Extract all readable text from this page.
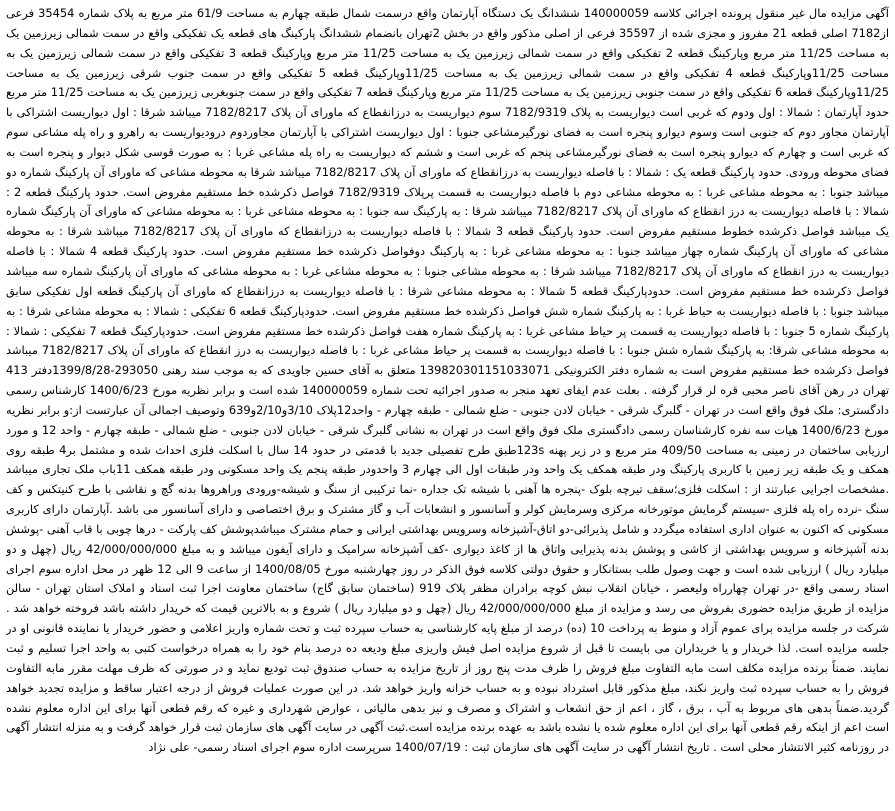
آگهی مزایده مال غیر منقول پرونده اجرائی کلاسه 140000059 ششدانگ یک دستگاه آپارتمان واقع درسمت شمال طبقه چهارم به مساحت 61/9 متر مربع به پلاک شماره 35454 فرعی از7182 اصلی قطعه 21 مفروز و مجزی شده از 35597 فرعی از اصلی مذکور واقع در بخش 2تهران بانضمام ششدانگ پارکینگ های قطعه یک تفکیکی واقع در سمت شمالی زیرزمین یک به مساحت 11/25 متر مربع وپارکینگ قطعه 2 تفکیکی واقع در سمت شمالی زیرزمین یک به مساحت 11/25 متر مربع وپارکینگ قطعه 3 تفکیکی واقع در سمت شمالی زیرزمین یک به مساحت 11/25وپارکینگ قطعه 4 تفکیکی واقع در سمت شمالی زیرزمین یک به مساحت 11/25وپارکینگ قطعه 5 تفکیکی واقع در سمت جنوب شرقی زیرزمین یک به مساحت 11/25وپارکینگ قطعه 6 تفکیکی واقع در سمت جنوبی زیرزمین یک به مساحت 11/25 متر مربع وپارکینگ قطعه 7 تفکیکی واقع در سمت جنوبغربی زیرزمین یک به مساحت 11/25 متر مربع حدود آپارتمان : شمالا : اول ودوم که غربی است دیواریست به پلاک 7182/9319 سوم دیواریست به درزانقطاع که ماورای آن پلاک 7182/8217 میباشد شرقا : اول دیواریست اشتراکی با آپارتمان مجاور دوم که جنوبی است وسوم دیوارو پنجره است به فضای نورگیرمشاعی جنوبا : اول دیواریست اشتراکی با آپارتمان مجاوردوم درودیواریست به راهرو و راه پله مشاعی سوم که غربی است و چهارم که دیوارو پنجره است به فضای نورگیرمشاعی پنجم که غربی است و ششم که دیواریست به راه پله مشاعی غربا : به صورت قوسی شکل دیوار و پنجره است به فضای محوطه ورودی. حدود پارکینگ قطعه یک : شمالا : با فاصله دیواریست به درزانقطاع که ماورای آن پلاک 7182/8217 میباشد شرقا به محوطه مشاعی که ماورای آن پارکینگ شماره دو میباشد جنوبا : به محوطه مشاعی غربا : به محوطه مشاعی دوم با فاصله دیواریست به قسمت پرپلاک 7182/9319 فواصل ذکرشده خط مستقیم مفروض است. حدود پارکینگ قطعه 2 : شمالا : با فاصله دیواریست به درز انقطاع که ماورای آن پلاک 7182/8217 میباشد شرقا : به پارکینگ سه جنوبا : به محوطه مشاعی غربا : به محوطه مشاعی که ماورای آن پارکینگ شماره یک میباشد فواصل ذکرشده خطوط مستقیم مفروض است. حدود پارکینگ قطعه 3 شمالا : با فاصله دیواریست به درزانقطاع که ماورای آن پلاک 7182/8217 میباشد شرقا : به محوطه مشاعی که ماورای آن پارکینگ شماره چهار میباشد جنوبا : به محوطه مشاعی غربا : به پارکینگ دوفواصل ذکرشده خط مستقیم مفروض است. حدود پارکینگ قطعه 4 شمالا : با فاصله دیواریست به درز انقطاع که ماورای آن پلاک 7182/8217 میباشد شرقا : به محوطه مشاعی جنوبا : به محوطه مشاعی غربا : به محوطه مشاعی که ماورای آن پارکینگ شماره سه میباشد فواصل ذکرشده خط مستقیم مفروض است. حدودپارکینگ قطعه 5 شمالا : به محوطه مشاعی شرقا : با فاصله دیواریست به درزانقطاع که ماورای آن پارکینگ قطعه اول تفکیکی سابق میباشد جنوبا : با فاصله دیواریست به حیاط غربا : به پارکینگ شماره شش فواصل ذکرشده خط مستقیم مفروض است. حدودپارکینگ قطعه 6 تفکیکی : شمالا : به محوطه مشاعی شرقا : به پارکینگ شماره 5 جنوبا : با فاصله دیواریست به قسمت پر حیاط مشاعی غربا : به پارکینگ شماره هفت فواصل ذکرشده خط مستقیم مفروض است. حدودپارکینگ قطعه 7 تفکیکی : شمالا : به محوطه مشاعی شرقا: به پارکینگ شماره شش جنوبا : با فاصله دیواریست به قسمت پر حیاط مشاعی غربا : با فاصله دیواریست به درز انقطاع که ماورای آن پلاک 7182/8217 میباشد فواصل ذکرشده خط مستقیم مفروض است به شماره دفتر الکترونیکی 139820301151033071 متعلق به آقای حسین جاویدی که به موجب سند رهنی 293050-1399/8/28دفتر 413 تهران در رهن آقای ناصر محبی قره لر قرار گرفته . بعلت عدم ایفای تعهد منجر به صدور اجرائیه تحت شماره 140000059 شده است و برابر نظریه مورخ 1400/6/23 کارشناس رسمی دادگستری: ملک فوق واقع است در تهران - گلبرگ شرقی - خیابان لادن جنوبی - ضلع شمالی - طبقه چهارم - واحد12پلاک 3/10و2/10و639 وتوصیف اجمالی آن عبارتست از:و برابر نظریه مورخ 1400/6/23 هیات سه نفره کارشناسان رسمی دادگستری ملک فوق واقع است در تهران به نشانی گلبرگ شرقی - خیابان لادن جنوبی - ضلع شمالی - طبقه چهارم - واحد 12 و مورد ارزیابی ساختمان در زمینی به مساحت 409/50 متر مربع و در زیر پهنه 123sطبق طرح تفصیلی جدید با قدمتی در حدود 14 سال با اسکلت فلزی احداث شده و مشتمل بر4 طبقه روی همکف و یک طبقه زیر زمین با کاربری پارکینگ ودر طبقه همکف یک واحد ودر طبقات اول الی چهارم 3 واحدودر طبقه پنجم یک واحد مسکونی ودر طبقه همکف 11باب ملک تجاری میباشد .مشخصات اجرایی عبارتند از : اسکلت فلزی؛سقف تیرچه بلوک -پنجره ها آهنی با شیشه تک جداره -نما ترکیبی از سنگ و شیشه-ورودی وراهروها بدنه گچ و نقاشی با طرح کنیتکس و کف سنگ -نرده راه پله فلزی -سیستم گرمایش موتورخانه مرکزی وسرمایش کولر و آسانسور و انشعابات آب و گاز مشترک و برق اختصاصی و دارای آسانسور می باشد .آپارتمان دارای کاربری مسکونی که اکنون به عنوان اداری استفاده میگردد و شامل پذیرائی-دو اتاق-آشپزخانه وسرویس بهداشتی ایرانی و حمام مشترک میباشدپوشش کف پارکت - درها چوبی با قاب آهنی -پوشش بدنه آشپزخانه و سرویس بهداشتی از کاشی و پوشش بدنه پذیرایی واتاق ها از کاغذ دیواری -کف آشپزخانه سرامیک و دارای آیفون میباشد و به مبلغ 42/000/000/000 ریال (چهل و دو میلیارد ریال ) ارزیابی شده است و جهت وصول طلب بستانکار و حقوق دولتی کلاسه فوق الذکر در روز چهارشنبه مورخ 1400/08/05 از ساعت 9 الی 12 ظهر در محل اداره سوم اجرای اسناد رسمی واقع -در تهران چهارراه ولیعصر ، خیابان انقلاب نبش کوچه برادران مظفر پلاک 919 (ساختمان سابق گاج) ساختمان معاونت اجرا ثبت اسناد و املاک استان تهران - سالن مزایده از طریق مزایده حضوری بفروش می رسد و مزایده از مبلغ 42/000/000/000 ریال (چهل و دو میلیارد ریال ) شروع و به بالاترین قیمت که خریدار داشته باشد فروخته خواهد شد . شرکت در جلسه مزایده برای عموم آزاد و منوط به پرداخت 10 (ده) درصد از مبلغ پایه کارشناسی به حساب سپرده ثبت و تحت شماره واریز اعلامی و حضور خریدار یا نماینده قانونی او در جلسه مزایده است. لذا خریدار و یا خریداران می بایست تا قبل از شروع مزایده اصل فیش واریزی مبلغ ودیعه ده درصد بنام خود را به همراه درخواست کتبی به واحد اجرا تسلیم و ثبت نمایند. ضمناً برنده مزایده مکلف است مابه التفاوت مبلغ فروش را ظرف مدت پنج روز از تاریخ مزایده به حساب صندوق ثبت تودیع نماید و در صورتی که ظرف مهلت مقرر مابه التفاوت فروش را به حساب سپرده ثبت واریز نکند، مبلغ مذکور قابل استرداد نبوده و به حساب خزانه واریز خواهد شد. در این صورت عملیات فروش از درجه اعتبار ساقط و مزایده تجدید خواهد گردید.ضمناً بدهی های مربوط به آب ، برق ، گاز ، اعم از حق انشعاب و اشتراک و مصرف و نیز بدهی مالیاتی ، عوارض شهرداری و غیره که رقم قطعی آنها برای این اداره معلوم نشده است اعم از اینکه رقم قطعی آنها برای این اداره معلوم شده یا نشده باشد به عهده برنده مزایده است.ثبت آگهی در سایت آگهی های سازمان ثبت قرار خواهد گرفت و به منزله انتشار آگهی در روزنامه کثیر الانتشار محلی است . تاریخ انتشار آگهی در سایت آگهی های سازمان ثبت : 1400/07/19 سرپرست اداره سوم اجرای اسناد رسمی- علی نژاد
